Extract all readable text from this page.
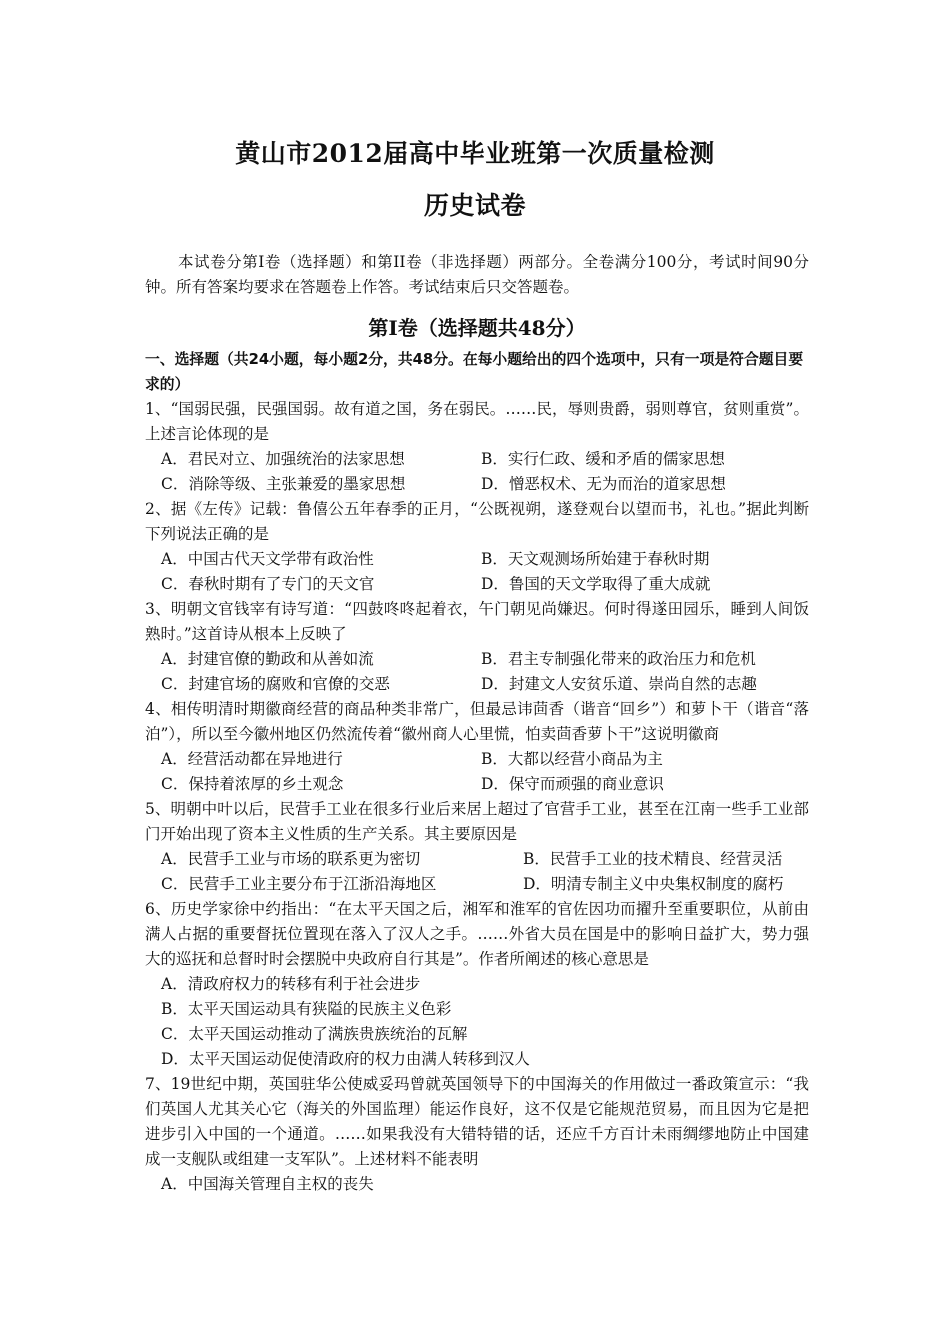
黄山市2012届高中毕业班第一次质量检测
历史试卷

本试卷分第I卷（选择题）和第II卷（非选择题）两部分。全卷满分100分，考试时间90分钟。所有答案均要求在答题卷上作答。考试结束后只交答题卷。

第Ⅰ卷（选择题共48分）

一、选择题（共24小题，每小题2分，共48分。在每小题给出的四个选项中，只有一项是符合题目要求的）

1、“国弱民强，民强国弱。故有道之国，务在弱民。……民，辱则贵爵，弱则尊官，贫则重赏”。上述言论体现的是

A．君民对立、加强统治的法家思想	B．实行仁政、缓和矛盾的儒家思想
C．消除等级、主张兼爱的墨家思想	D．憎恶权术、无为而治的道家思想

2、据《左传》记载：鲁僖公五年春季的正月，“公既视朔，遂登观台以望而书，礼也。”据此判断下列说法正确的是

A．中国古代天文学带有政治性	B．天文观测场所始建于春秋时期
C．春秋时期有了专门的天文官	D．鲁国的天文学取得了重大成就

3、明朝文官钱宰有诗写道：“四鼓咚咚起着衣，午门朝见尚嫌迟。何时得遂田园乐，睡到人间饭熟时。”这首诗从根本上反映了

A．封建官僚的勤政和从善如流	B．君主专制强化带来的政治压力和危机
C．封建官场的腐败和官僚的交恶	D．封建文人安贫乐道、崇尚自然的志趣

4、相传明清时期徽商经营的商品种类非常广，但最忌讳茴香（谐音“回乡”）和萝卜干（谐音“落泊”），所以至今徽州地区仍然流传着“徽州商人心里慌，怕卖茴香萝卜干”这说明徽商

A．经营活动都在异地进行	B．大都以经营小商品为主
C．保持着浓厚的乡土观念	D．保守而顽强的商业意识

5、明朝中叶以后，民营手工业在很多行业后来居上超过了官营手工业，甚至在江南一些手工业部门开始出现了资本主义性质的生产关系。其主要原因是

A．民营手工业与市场的联系更为密切	B．民营手工业的技术精良、经营灵活
C．民营手工业主要分布于江浙沿海地区	D．明清专制主义中央集权制度的腐朽

6、历史学家徐中约指出：“在太平天国之后，湘军和淮军的官佐因功而擢升至重要职位，从前由满人占据的重要督抚位置现在落入了汉人之手。……外省大员在国是中的影响日益扩大，势力强大的巡抚和总督时时会摆脱中央政府自行其是”。作者所阐述的核心意思是

A．清政府权力的转移有利于社会进步
B．太平天国运动具有狭隘的民族主义色彩
C．太平天国运动推动了满族贵族统治的瓦解
D．太平天国运动促使清政府的权力由满人转移到汉人

7、19世纪中期，英国驻华公使威妥玛曾就英国领导下的中国海关的作用做过一番政策宣示：“我们英国人尤其关心它（海关的外国监理）能运作良好，这不仅是它能规范贸易，而且因为它是把进步引入中国的一个通道。……如果我没有大错特错的话，还应千方百计未雨绸缪地防止中国建成一支舰队或组建一支军队”。上述材料不能表明

A．中国海关管理自主权的丧失
